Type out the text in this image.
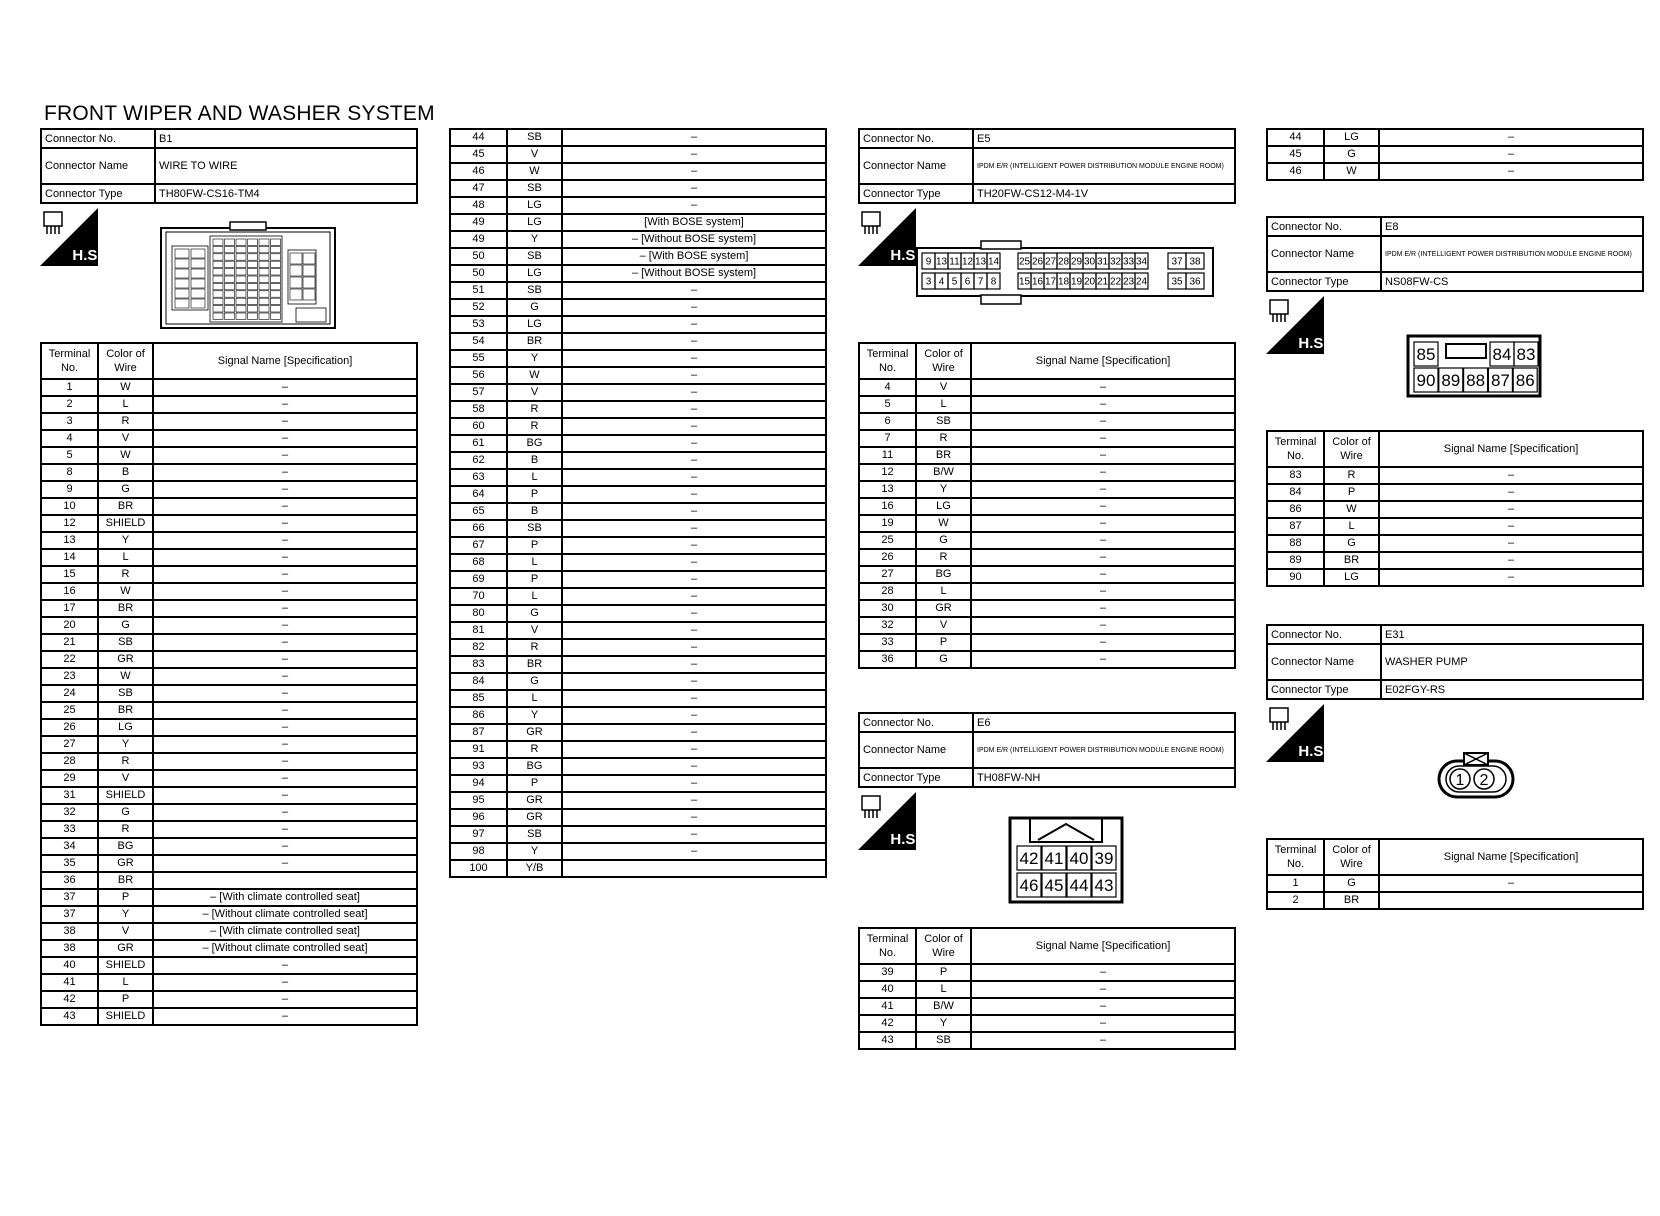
FRONT WIPER AND WASHER SYSTEM
Connector No.	B1
Connector Name	WIRE TO WIRE
Connector Type	TH80FW-CS16-TM4
H.S.
Terminal No.	Color of Wire	Signal Name [Specification]
1	W	–
2	L	–
3	R	–
4	V	–
5	W	–
8	B	–
9	G	–
10	BR	–
12	SHIELD	–
13	Y	–
14	L	–
15	R	–
16	W	–
17	BR	–
20	G	–
21	SB	–
22	GR	–
23	W	–
24	SB	–
25	BR	–
26	LG	–
27	Y	–
28	R	–
29	V	–
31	SHIELD	–
32	G	–
33	R	–
34	BG	–
35	GR	–
36	BR	
37	P	– [With climate controlled seat]
37	Y	– [Without climate controlled seat]
38	V	– [With climate controlled seat]
38	GR	– [Without climate controlled seat]
40	SHIELD	–
41	L	–
42	P	–
43	SHIELD	–
44	SB	–
45	V	–
46	W	–
47	SB	–
48	LG	–
49	LG	[With BOSE system]
49	Y	– [Without BOSE system]
50	SB	– [With BOSE system]
50	LG	– [Without BOSE system]
51	SB	–
52	G	–
53	LG	–
54	BR	–
55	Y	–
56	W	–
57	V	–
58	R	–
60	R	–
61	BG	–
62	B	–
63	L	–
64	P	–
65	B	–
66	SB	–
67	P	–
68	L	–
69	P	–
70	L	–
80	G	–
81	V	–
82	R	–
83	BR	–
84	G	–
85	L	–
86	Y	–
87	GR	–
91	R	–
93	BG	–
94	P	–
95	GR	–
96	GR	–
97	SB	–
98	Y	–
100	Y/B	
Connector No.	E5
Connector Name	IPDM E/R (INTELLIGENT POWER DISTRIBUTION MODULE ENGINE ROOM)
Connector Type	TH20FW-CS12-M4-1V
H.S. 9
3
13
4
11
5
12
6
13
7
14
8
25
15
26
16
27
17
28
18
29
19
30
20
31
21
32
22
33
23
34
24
37
35
38
36
Terminal No.	Color of Wire	Signal Name [Specification]
4	V	–
5	L	–
6	SB	–
7	R	–
11	BR	–
12	B/W	–
13	Y	–
16	LG	–
19	W	–
25	G	–
26	R	–
27	BG	–
28	L	–
30	GR	–
32	V	–
33	P	–
36	G	–
Connector No.	E6
Connector Name	IPDM E/R (INTELLIGENT POWER DISTRIBUTION MODULE ENGINE ROOM)
Connector Type	TH08FW-NH
H.S.
42
46
41
45
40
44
39
43
Terminal No.	Color of Wire	Signal Name [Specification]
39	P	–
40	L	–
41	B/W	–
42	Y	–
43	SB	–
44	LG	–
45	G	–
46	W	–
Connector No.	E8
Connector Name	IPDM E/R (INTELLIGENT POWER DISTRIBUTION MODULE ENGINE ROOM)
Connector Type	NS08FW-CS
H.S.
85	84 83
90 89 88 87 86
Terminal No.	Color of Wire	Signal Name [Specification]
83	R	–
84	P	–
86	W	–
87	L	–
88	G	–
89	BR	–
90	LG	–
Connector No.	E31
Connector Name	WASHER PUMP
Connector Type	E02FGY-RS
H.S.
1 2
Terminal No.	Color of Wire	Signal Name [Specification]
1	G	–
2	BR	
